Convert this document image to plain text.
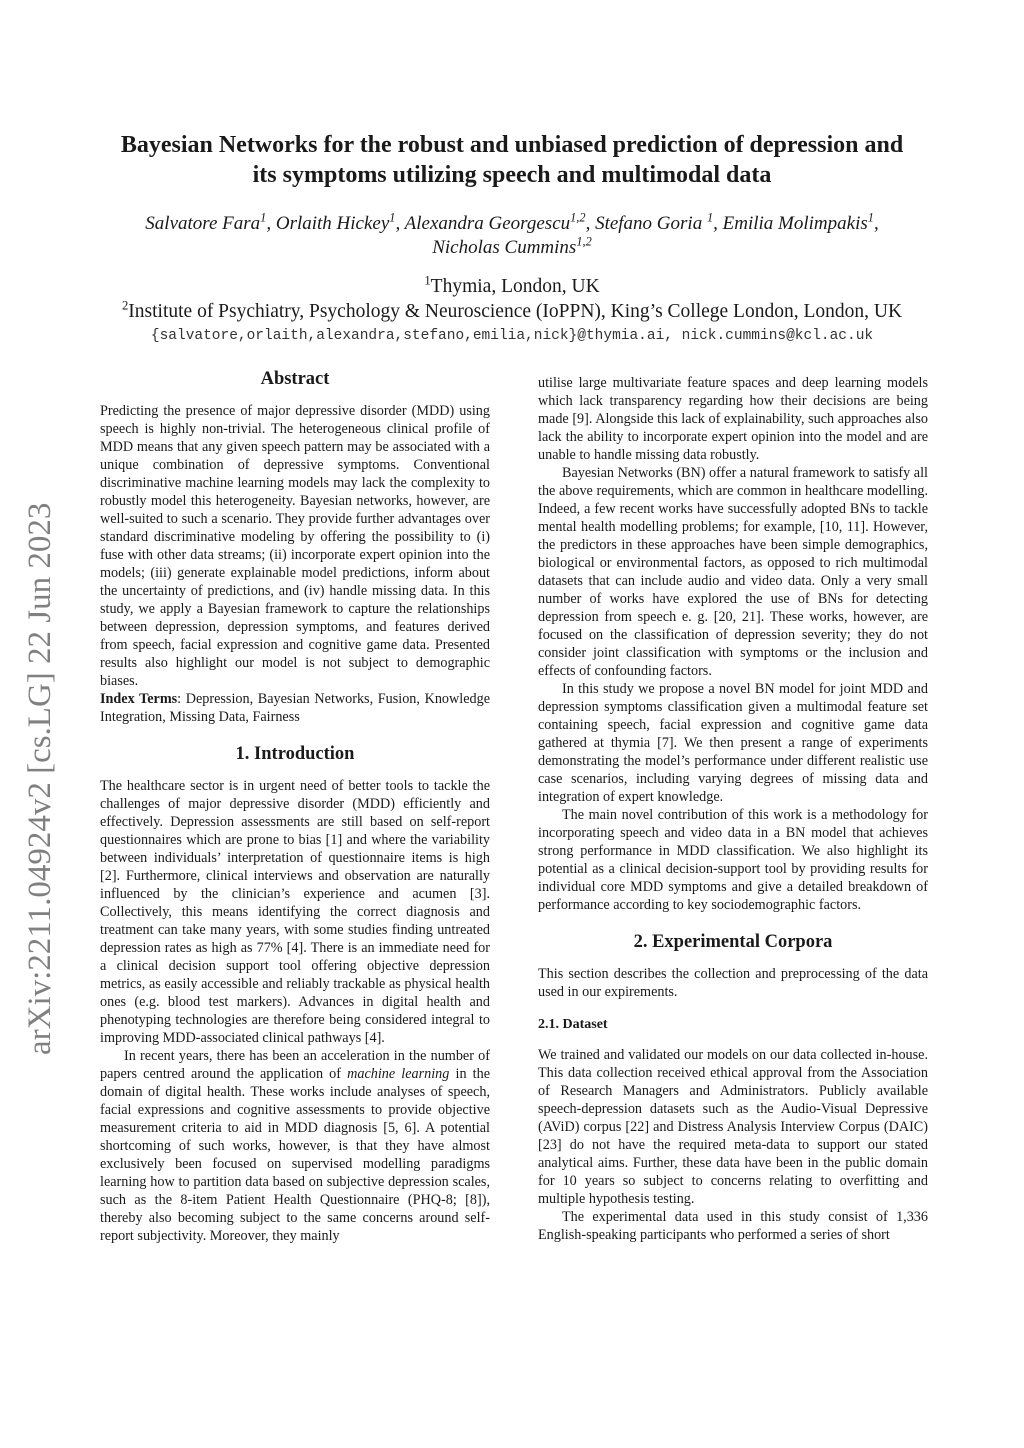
arXiv:2211.04924v2 [cs.LG] 22 Jun 2023
Bayesian Networks for the robust and unbiased prediction of depression and
its symptoms utilizing speech and multimodal data
Salvatore Fara$^1$, Orlaith Hickey$^1$, Alexandra Georgescu$^{1,2}$, Stefano Goria $^1$, Emilia Molimpakis$^1$,
Nicholas Cummins$^{1,2}$
$^1$Thymia, London, UK
$^2$Institute of Psychiatry, Psychology & Neuroscience (IoPPN), King’s College London, London, UK
{salvatore,orlaith,alexandra,stefano,emilia,nick}@thymia.ai, nick.cummins@kcl.ac.uk
Abstract

Predicting the presence of major depressive disorder (MDD) using speech is highly non-trivial. The heterogeneous clinical profile of MDD means that any given speech pattern may be associated with a unique combination of depressive symptoms. Conventional discriminative machine learning models may lack the complexity to robustly model this heterogeneity. Bayesian networks, however, are well-suited to such a scenario. They provide further advantages over standard discriminative modeling by offering the possibility to (i) fuse with other data streams; (ii) incorporate expert opinion into the models; (iii) generate explainable model predictions, inform about the uncertainty of predictions, and (iv) handle missing data. In this study, we apply a Bayesian framework to capture the relationships between depression, depression symptoms, and features derived from speech, facial expression and cognitive game data. Presented results also highlight our model is not subject to demographic biases.

Index Terms: Depression, Bayesian Networks, Fusion, Knowledge Integration, Missing Data, Fairness

1. Introduction

The healthcare sector is in urgent need of better tools to tackle the challenges of major depressive disorder (MDD) efficiently and effectively. Depression assessments are still based on self-report questionnaires which are prone to bias [1] and where the variability between individuals’ interpretation of questionnaire items is high [2]. Furthermore, clinical interviews and observation are naturally influenced by the clinician’s experience and acumen [3]. Collectively, this means identifying the correct diagnosis and treatment can take many years, with some studies finding untreated depression rates as high as 77% [4]. There is an immediate need for a clinical decision support tool offering objective depression metrics, as easily accessible and reliably trackable as physical health ones (e.g. blood test markers). Advances in digital health and phenotyping technologies are therefore being considered integral to improving MDD-associated clinical pathways [4].

In recent years, there has been an acceleration in the number of papers centred around the application of machine learning in the domain of digital health. These works include analyses of speech, facial expressions and cognitive assessments to provide objective measurement criteria to aid in MDD diagnosis [5, 6]. A potential shortcoming of such works, however, is that they have almost exclusively been focused on supervised modelling paradigms learning how to partition data based on subjective depression scales, such as the 8-item Patient Health Questionnaire (PHQ-8; [8]), thereby also becoming subject to the same concerns around self-report subjectivity. Moreover, they mainly

utilise large multivariate feature spaces and deep learning models which lack transparency regarding how their decisions are being made [9]. Alongside this lack of explainability, such approaches also lack the ability to incorporate expert opinion into the model and are unable to handle missing data robustly.

Bayesian Networks (BN) offer a natural framework to satisfy all the above requirements, which are common in healthcare modelling. Indeed, a few recent works have successfully adopted BNs to tackle mental health modelling problems; for example, [10, 11]. However, the predictors in these approaches have been simple demographics, biological or environmental factors, as opposed to rich multimodal datasets that can include audio and video data. Only a very small number of works have explored the use of BNs for detecting depression from speech e. g. [20, 21]. These works, however, are focused on the classification of depression severity; they do not consider joint classification with symptoms or the inclusion and effects of confounding factors.

In this study we propose a novel BN model for joint MDD and depression symptoms classification given a multimodal feature set containing speech, facial expression and cognitive game data gathered at thymia [7]. We then present a range of experiments demonstrating the model’s performance under different realistic use case scenarios, including varying degrees of missing data and integration of expert knowledge.

The main novel contribution of this work is a methodology for incorporating speech and video data in a BN model that achieves strong performance in MDD classification. We also highlight its potential as a clinical decision-support tool by providing results for individual core MDD symptoms and give a detailed breakdown of performance according to key sociodemographic factors.

2. Experimental Corpora

This section describes the collection and preprocessing of the data used in our expirements.

2.1. Dataset

We trained and validated our models on our data collected in-house. This data collection received ethical approval from the Association of Research Managers and Administrators. Publicly available speech-depression datasets such as the Audio-Visual Depressive (AViD) corpus [22] and Distress Analysis Interview Corpus (DAIC) [23] do not have the required meta-data to support our stated analytical aims. Further, these data have been in the public domain for 10 years so subject to concerns relating to overfitting and multiple hypothesis testing.

The experimental data used in this study consist of 1,336 English-speaking participants who performed a series of short
